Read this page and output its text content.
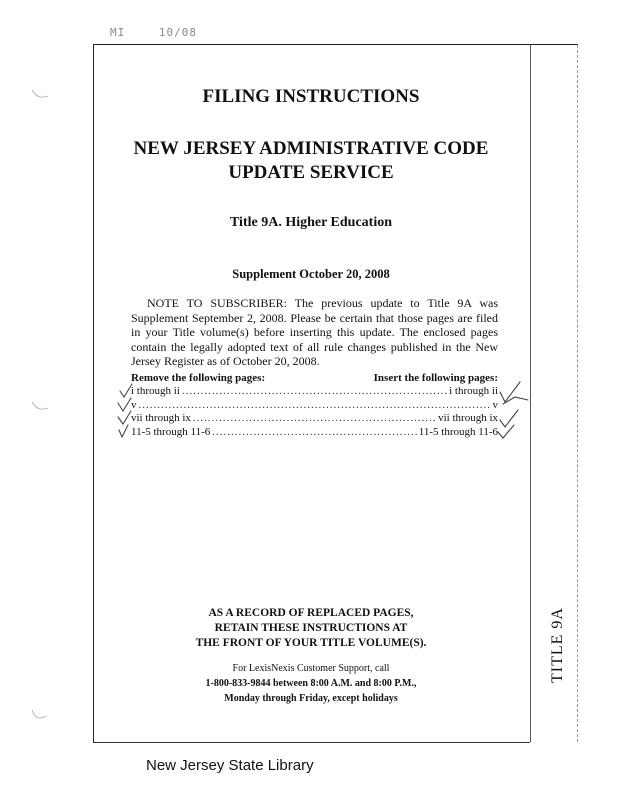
MI	10/08
TITLE 9A
FILING INSTRUCTIONS
NEW JERSEY ADMINISTRATIVE CODE
UPDATE SERVICE
Title 9A. Higher Education
Supplement October 20, 2008
NOTE TO SUBSCRIBER: The previous update to Title 9A was Supplement September 2, 2008. Please be certain that those pages are filed in your Title volume(s) before inserting this update. The enclosed pages contain the legally adopted text of all rule changes published in the New Jersey Register as of October 20, 2008.
Remove the following pages:	Insert the following pages:
i through ii .....	i through ii
v .....	v
vii through ix .....	vii through ix
11-5 through 11-6 .....	11-5 through 11-6
AS A RECORD OF REPLACED PAGES,
RETAIN THESE INSTRUCTIONS AT
THE FRONT OF YOUR TITLE VOLUME(S).
For LexisNexis Customer Support, call
1-800-833-9844 between 8:00 A.M. and 8:00 P.M.,
Monday through Friday, except holidays
New Jersey State Library
